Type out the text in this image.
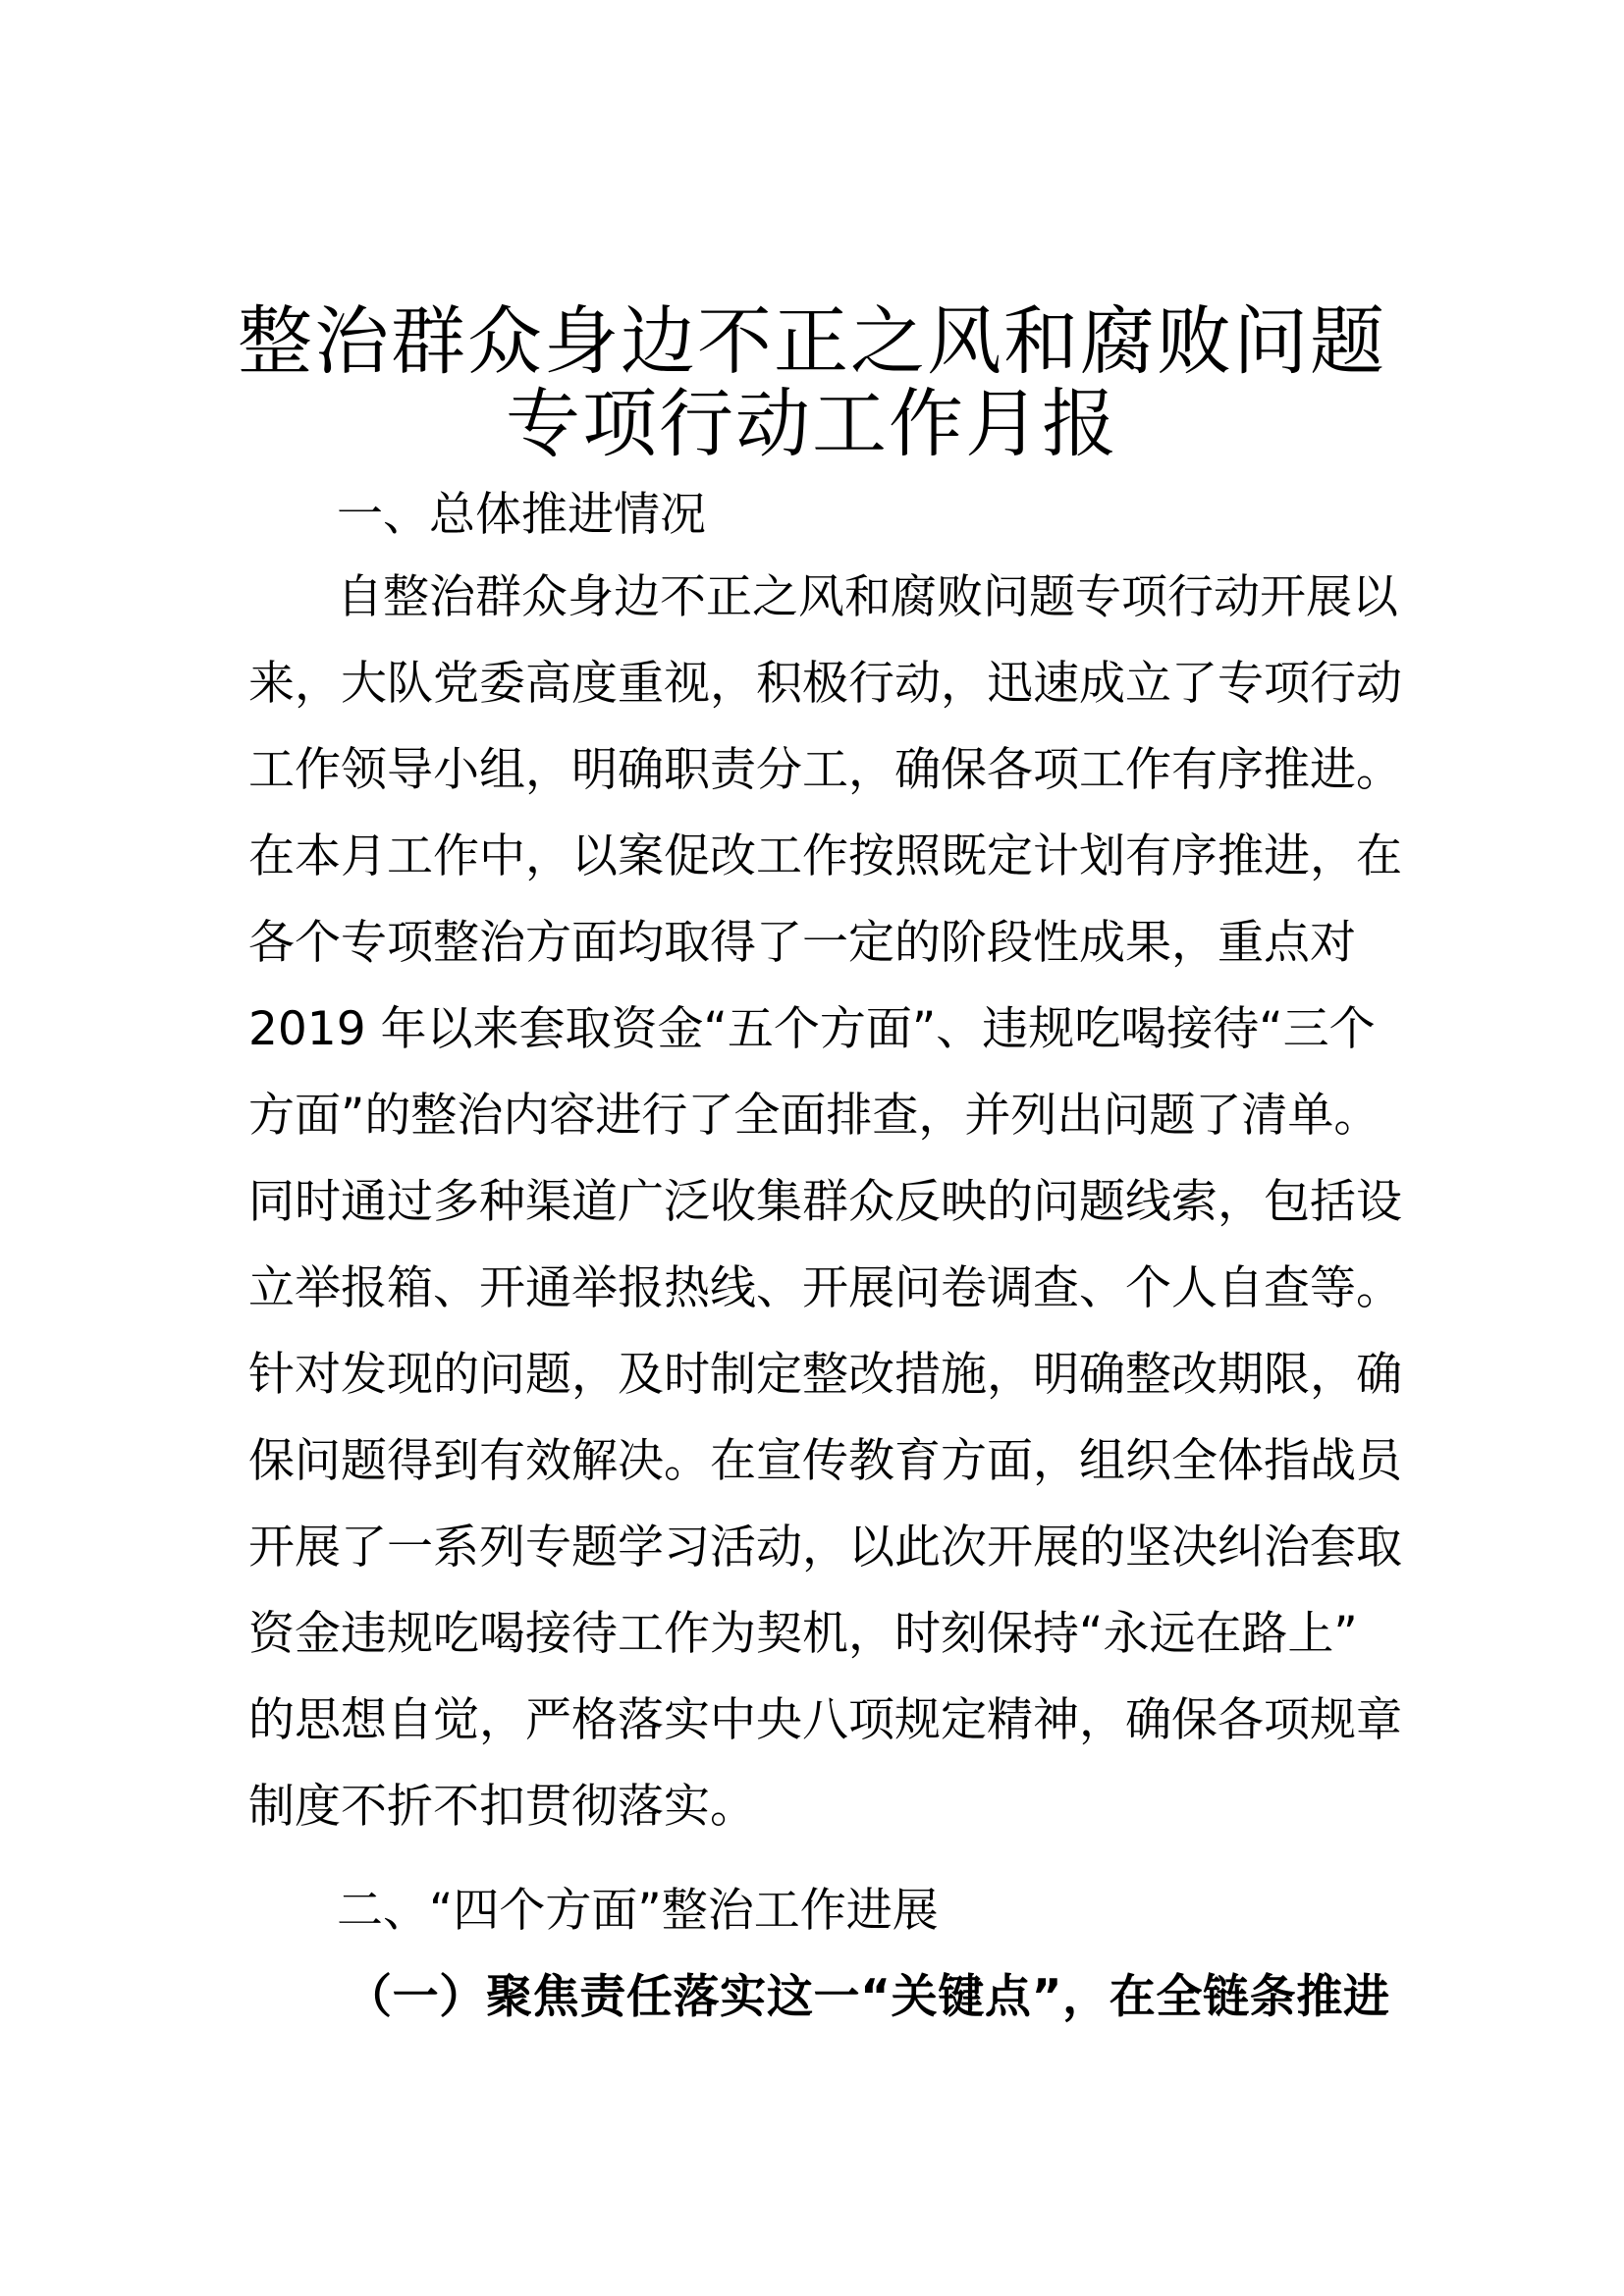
整治群众身边不正之风和腐败问题
专项行动工作月报
一、总体推进情况
自整治群众身边不正之风和腐败问题专项行动开展以
来，大队党委高度重视，积极行动，迅速成立了专项行动
工作领导小组，明确职责分工，确保各项工作有序推进。
在本月工作中，以案促改工作按照既定计划有序推进，在
各个专项整治方面均取得了一定的阶段性成果，重点对
2019 年以来套取资金“五个方面”、违规吃喝接待“三个
方面”的整治内容进行了全面排查，并列出问题了清单。
同时通过多种渠道广泛收集群众反映的问题线索，包括设
立举报箱、开通举报热线、开展问卷调查、个人自查等。
针对发现的问题，及时制定整改措施，明确整改期限，确
保问题得到有效解决。在宣传教育方面，组织全体指战员
开展了一系列专题学习活动，以此次开展的坚决纠治套取
资金违规吃喝接待工作为契机，时刻保持“永远在路上”
的思想自觉，严格落实中央八项规定精神，确保各项规章
制度不折不扣贯彻落实。
二、“四个方面”整治工作进展
（一）聚焦责任落实这一“关键点”，在全链条推进
